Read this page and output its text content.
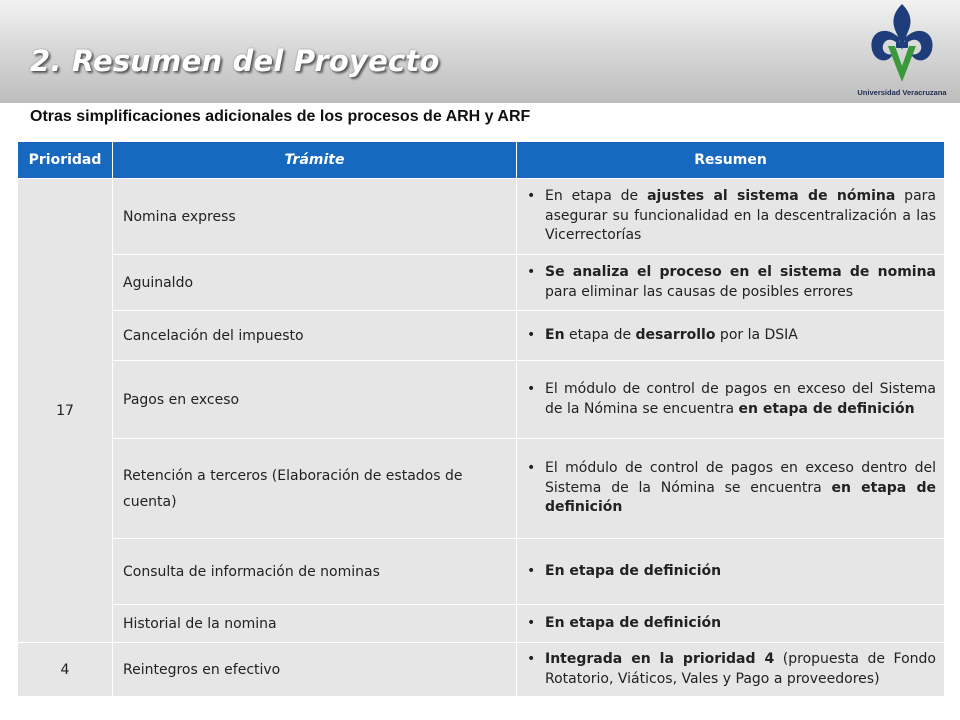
2. Resumen del Proyecto
Universidad Veracruzana
Otras simplificaciones adicionales de los procesos de ARH y ARF
Prioridad	Trámite	Resumen
17	Nomina express	• En etapa de ajustes al sistema de nómina para asegurar su funcionalidad en la descentralización a las Vicerrectorías

	Aguinaldo	• Se analiza el proceso en el sistema de nomina para eliminar las causas de posibles errores

	Cancelación del impuesto	• En etapa de desarrollo por la DSIA

	Pagos en exceso	• El módulo de control de pagos en exceso del Sistema de la Nómina se encuentra en etapa de definición

	Retención a terceros (Elaboración de estados de cuenta)	• El módulo de control de pagos en exceso dentro del Sistema de la Nómina se encuentra en etapa de definición

	Consulta de información de nominas	• En etapa de definición

	Historial de la nomina	• En etapa de definición

4	Reintegros en efectivo	• Integrada en la prioridad 4 (propuesta de Fondo Rotatorio, Viáticos, Vales y Pago a proveedores)
